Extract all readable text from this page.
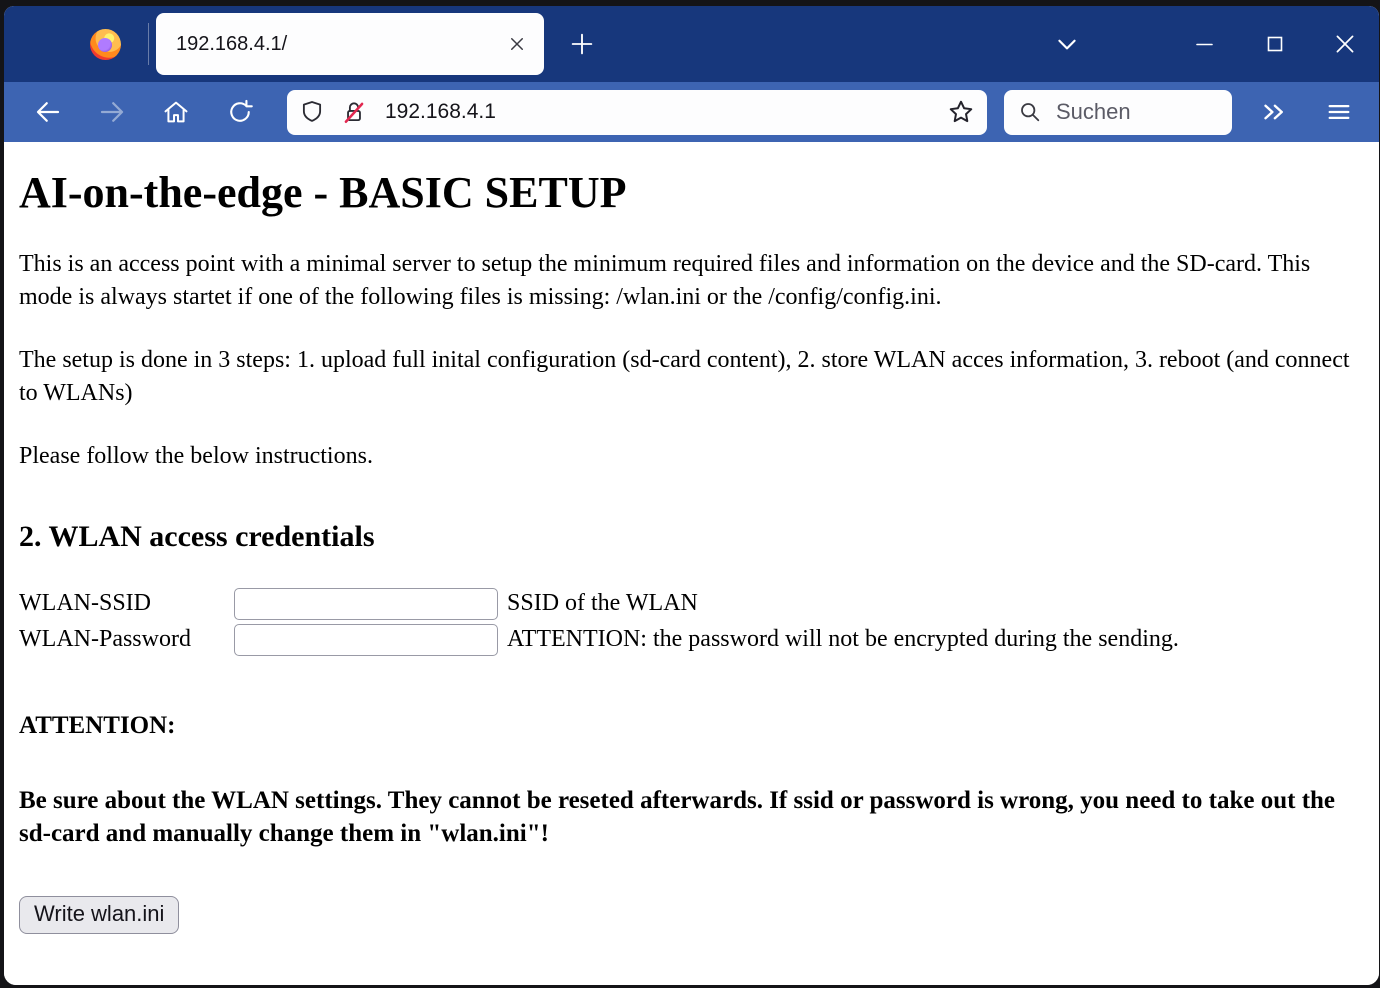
192.168.4.1/
192.168.4.1
Suchen
AI-on-the-edge - BASIC SETUP

This is an access point with a minimal server to setup the minimum required files and information on the device and the SD-card. This mode is always startet if one of the following files is missing: /wlan.ini or the /config/config.ini.

The setup is done in 3 steps: 1. upload full inital configuration (sd-card content), 2. store WLAN acces information, 3. reboot (and connect to WLANs)

Please follow the below instructions.

2. WLAN access credentials
WLAN-SSID		SSID of the WLAN
WLAN-Password		ATTENTION: the password will not be encrypted during the sending.
ATTENTION:

Be sure about the WLAN settings. They cannot be reseted afterwards. If ssid or password is wrong, you need to take out the sd-card and manually change them in "wlan.ini"!

Write wlan.ini
